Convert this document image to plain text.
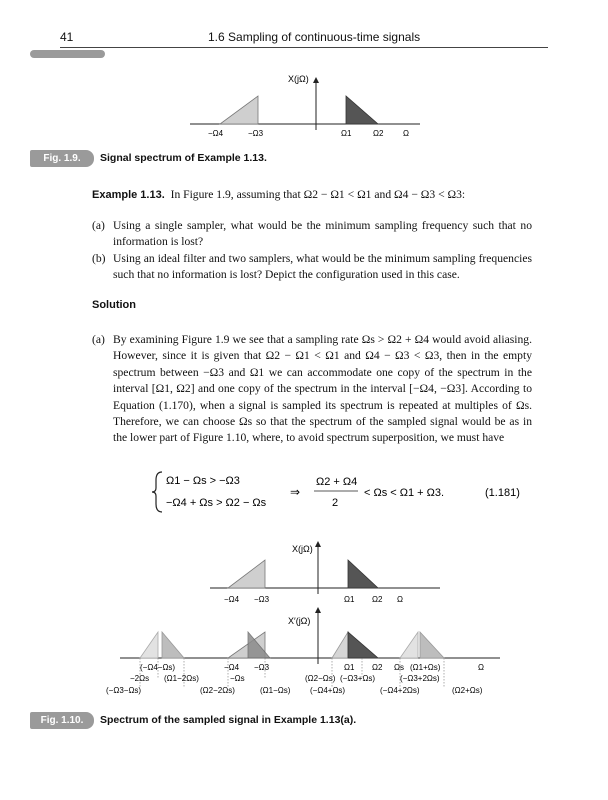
41	1.6 Sampling of continuous-time signals
X(jΩ)
−Ω4	−Ω3	Ω1	Ω2 Ω
Fig. 1.9.	Signal spectrum of Example 1.13.

Example 1.13. In Figure 1.9, assuming that Ω2 − Ω1 < Ω1 and Ω4 − Ω3 < Ω3:

(a) Using a single sampler, what would be the minimum sampling frequency such that no information is lost?
(b) Using an ideal filter and two samplers, what would be the minimum sampling frequencies such that no information is lost? Depict the configuration used in this case.
Solution
(a) By examining Figure 1.9 we see that a sampling rate Ωs > Ω2 + Ω4 would avoid aliasing. However, since it is given that Ω2 − Ω1 < Ω1 and Ω4 − Ω3 < Ω3, then in the empty spectrum between −Ω3 and Ω1 we can accommodate one copy of the spectrum in the interval [Ω1, Ω2] and one copy of the spectrum in the interval [−Ω4, −Ω3]. According to Equation (1.170), when a signal is sampled its spectrum is repeated at multiples of Ωs. Therefore, we can choose Ωs so that the spectrum of the sampled signal would be as in the lower part of Figure 1.10, where, to avoid spectrum superposition, we must have
Ω1 − Ωs > −Ω3
−Ω4 + Ωs > Ω2 − Ωs
⇒
Ω2 + Ω4
2
< Ωs < Ω1 + Ω3.	(1.181)
X(jΩ)
−Ω4 −Ω3	Ω1 Ω2 Ω
X′(jΩ)
(−Ω4−Ωs)	−Ω4 −Ω3	Ω1 Ω2 Ωs (Ω1+Ωs)	Ω
−2Ωs (Ω1−2Ωs)	−Ωs	(Ω2−Ωs) (−Ω3+Ωs)	(−Ω3+2Ωs)
(−Ω3−Ωs)	(Ω2−2Ωs)	(Ω1−Ωs) (−Ω4+Ωs)	(−Ω4+2Ωs)	(Ω2+Ωs)
Fig. 1.10.	Spectrum of the sampled signal in Example 1.13(a).
